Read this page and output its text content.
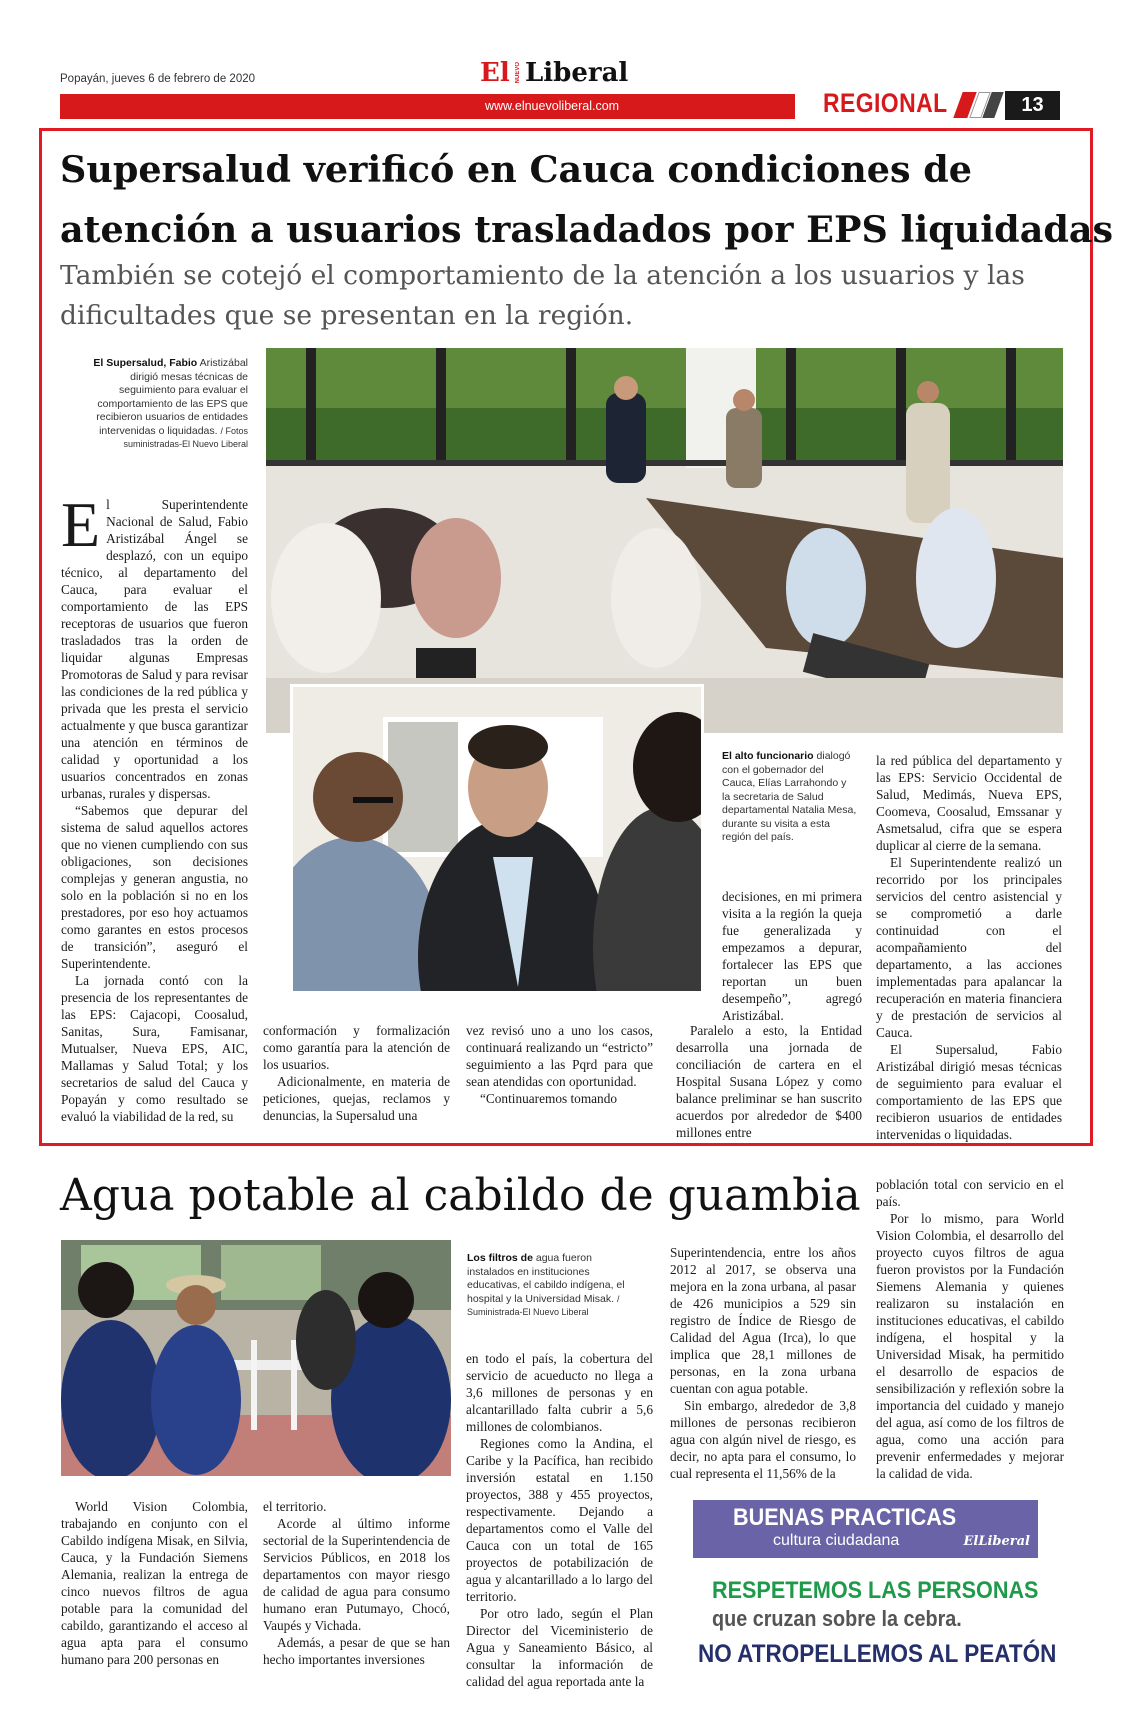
Popayán, jueves 6 de febrero de 2020	El NUEVO Liberal
www.elnuevoliberal.com	REGIONAL	13
Supersalud verificó en Cauca condiciones de
atención a usuarios trasladados por EPS liquidadas
También se cotejó el comportamiento de la atención a los usuarios y las
dificultades que se presentan en la región.
El Supersalud, Fabio Aristizábal dirigió mesas técnicas de seguimiento para evaluar el comportamiento de las EPS que recibieron usuarios de entidades intervenidas o liquidadas. / Fotos suministradas-El Nuevo Liberal
El alto funcionario dialogó con el gobernador del Cauca, Elías Larrahondo y la secretaria de Salud departamental Natalia Mesa, durante su visita a esta región del país.

El Superintendente Nacional de Salud, Fabio Aristizábal Ángel se desplazó, con un equipo técnico, al departamento del Cauca, para evaluar el comportamiento de las EPS receptoras de usuarios que fueron trasladados tras la orden de liquidar algunas Empresas Promotoras de Salud y para revisar las condiciones de la red pública y privada que les presta el servicio actualmente y que busca garantizar una atención en términos de calidad y oportunidad a los usuarios concentrados en zonas urbanas, rurales y dispersas.

“Sabemos que depurar del sistema de salud aquellos actores que no vienen cumpliendo con sus obligaciones, son decisiones complejas y generan angustia, no solo en la población si no en los prestadores, por eso hoy actuamos como garantes en estos procesos de transición”, aseguró el Superintendente.

La jornada contó con la presencia de los representantes de las EPS: Cajacopi, Coosalud, Sanitas, Sura, Famisanar, Mutualser, Nueva EPS, AIC, Mallamas y Salud Total; y los secretarios de salud del Cauca y Popayán y como resultado se evaluó la viabilidad de la red, su

conformación y formalización como garantía para la atención de los usuarios.

Adicionalmente, en materia de peticiones, quejas, reclamos y denuncias, la Supersalud una

vez revisó uno a uno los casos, continuará realizando un “estricto” seguimiento a las Pqrd para que sean atendidas con oportunidad.

“Continuaremos tomando

decisiones, en mi primera visita a la región la queja fue generalizada y empezamos a depurar, fortalecer las EPS que reportan un buen desempeño”, agregó Aristizábal.

Paralelo a esto, la Entidad desarrolla una jornada de conciliación de cartera en el Hospital Susana López y como balance preliminar se han suscrito acuerdos por alrededor de $400 millones entre

la red pública del departamento y las EPS: Servicio Occidental de Salud, Medimás, Nueva EPS, Coomeva, Coosalud, Emssanar y Asmetsalud, cifra que se espera duplicar al cierre de la semana.

El Superintendente realizó un recorrido por los principales servicios del centro asistencial y se comprometió a darle continuidad con el acompañamiento del departamento, a las acciones implementadas para apalancar la recuperación en materia financiera y de prestación de servicios al Cauca.

El Supersalud, Fabio Aristizábal dirigió mesas técnicas de seguimiento para evaluar el comportamiento de las EPS que recibieron usuarios de entidades intervenidas o liquidadas.

Agua potable al cabildo de guambia
Los filtros de agua fueron instalados en instituciones educativas, el cabildo indígena, el hospital y la Universidad Misak. / Suministrada-El Nuevo Liberal

World Vision Colombia, trabajando en conjunto con el Cabildo indígena Misak, en Silvia, Cauca, y la Fundación Siemens Alemania, realizan la entrega de cinco nuevos filtros de agua potable para la comunidad del cabildo, garantizando el acceso al agua apta para el consumo humano para 200 personas en

el territorio.

Acorde al último informe sectorial de la Superintendencia de Servicios Públicos, en 2018 los departamentos con mayor riesgo de calidad de agua para consumo humano eran Putumayo, Chocó, Vaupés y Vichada.

Además, a pesar de que se han hecho importantes inversiones

en todo el país, la cobertura del servicio de acueducto no llega a 3,6 millones de personas y en alcantarillado falta cubrir a 5,6 millones de colombianos.

Regiones como la Andina, el Caribe y la Pacífica, han recibido inversión estatal en 1.150 proyectos, 388 y 455 proyectos, respectivamente. Dejando a departamentos como el Valle del Cauca con un total de 165 proyectos de potabilización de agua y alcantarillado a lo largo del territorio.

Por otro lado, según el Plan Director del Viceministerio de Agua y Saneamiento Básico, al consultar la información de calidad del agua reportada ante la

Superintendencia, entre los años 2012 al 2017, se observa una mejora en la zona urbana, al pasar de 426 municipios a 529 sin registro de Índice de Riesgo de Calidad del Agua (Irca), lo que implica que 28,1 millones de personas, en la zona urbana cuentan con agua potable.

Sin embargo, alrededor de 3,8 millones de personas recibieron agua con algún nivel de riesgo, es decir, no apta para el consumo, lo cual representa el 11,56% de la

población total con servicio en el país.

Por lo mismo, para World Vision Colombia, el desarrollo del proyecto cuyos filtros de agua fueron provistos por la Fundación Siemens Alemania y quienes realizaron su instalación en instituciones educativas, el cabildo indígena, el hospital y la Universidad Misak, ha permitido el desarrollo de espacios de sensibilización y reflexión sobre la importancia del cuidado y manejo del agua, así como de los filtros de agua, como una acción para prevenir enfermedades y mejorar la calidad de vida.

BUENAS PRACTICAS
cultura ciudadana	ElLiberal
RESPETEMOS LAS PERSONAS
que cruzan sobre la cebra.
NO ATROPELLEMOS AL PEATÓN
